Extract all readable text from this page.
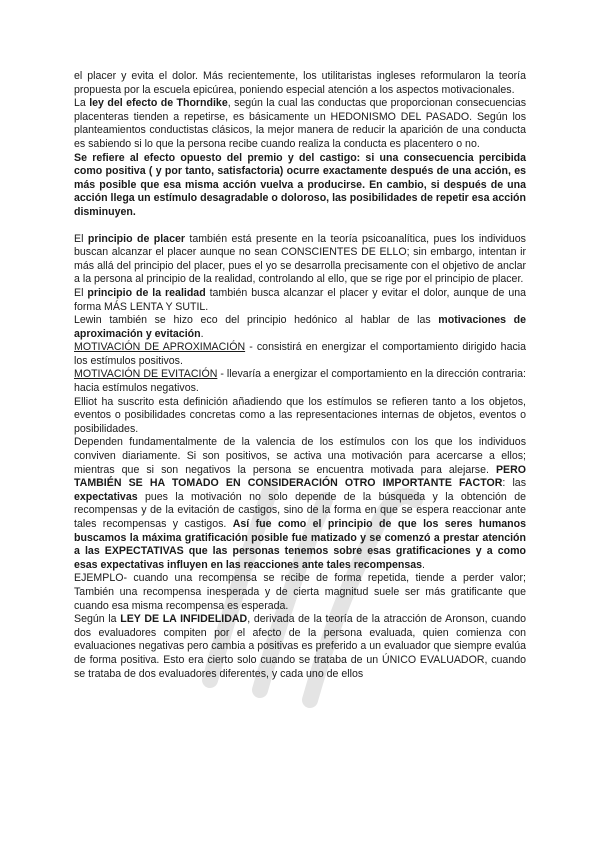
el placer y evita el dolor. Más recientemente, los utilitaristas ingleses reformularon la teoría propuesta por la escuela epicúrea, poniendo especial atención a los aspectos motivacionales.

La ley del efecto de Thorndike, según la cual las conductas que proporcionan consecuencias placenteras tienden a repetirse, es básicamente un HEDONISMO DEL PASADO. Según los planteamientos conductistas clásicos, la mejor manera de reducir la aparición de una conducta es sabiendo si lo que la persona recibe cuando realiza la conducta es placentero o no.

Se refiere al efecto opuesto del premio y del castigo: si una consecuencia percibida como positiva ( y por tanto, satisfactoria) ocurre exactamente después de una acción, es más posible que esa misma acción vuelva a producirse. En cambio, si después de una acción llega un estímulo desagradable o doloroso, las posibilidades de repetir esa acción disminuyen.

El principio de placer también está presente en la teoría psicoanalítica, pues los individuos buscan alcanzar el placer aunque no sean CONSCIENTES DE ELLO; sin embargo, intentan ir más allá del principio del placer, pues el yo se desarrolla precisamente con el objetivo de anclar a la persona al principio de la realidad, controlando al ello, que se rige por el principio de placer.

El principio de la realidad también busca alcanzar el placer y evitar el dolor, aunque de una forma MÁS LENTA Y SUTIL.

Lewin también se hizo eco del principio hedónico al hablar de las motivaciones de aproximación y evitación.

MOTIVACIÓN DE APROXIMACIÓN - consistirá en energizar el comportamiento dirigido hacia los estímulos positivos.

MOTIVACIÓN DE EVITACIÓN - llevaría a energizar el comportamiento en la dirección contraria: hacia estímulos negativos.

Elliot ha suscrito esta definición añadiendo que los estímulos se refieren tanto a los objetos, eventos o posibilidades concretas como a las representaciones internas de objetos, eventos o posibilidades.

Dependen fundamentalmente de la valencia de los estímulos con los que los individuos conviven diariamente. Si son positivos, se activa una motivación para acercarse a ellos; mientras que si son negativos la persona se encuentra motivada para alejarse. PERO TAMBIÉN SE HA TOMADO EN CONSIDERACIÓN OTRO IMPORTANTE FACTOR: las expectativas pues la motivación no solo depende de la búsqueda y la obtención de recompensas y de la evitación de castigos, sino de la forma en que se espera reaccionar ante tales recompensas y castigos. Así fue como el principio de que los seres humanos buscamos la máxima gratificación posible fue matizado y se comenzó a prestar atención a las EXPECTATIVAS que las personas tenemos sobre esas gratificaciones y a como esas expectativas influyen en las reacciones ante tales recompensas.

EJEMPLO- cuando una recompensa se recibe de forma repetida, tiende a perder valor; También una recompensa inesperada y de cierta magnitud suele ser más gratificante que cuando esa misma recompensa es esperada.

Según la LEY DE LA INFIDELIDAD, derivada de la teoría de la atracción de Aronson, cuando dos evaluadores compiten por el afecto de la persona evaluada, quien comienza con evaluaciones negativas pero cambia a positivas es preferido a un evaluador que siempre evalúa de forma positiva. Esto era cierto solo cuando se trataba de un ÚNICO EVALUADOR, cuando se trataba de dos evaluadores diferentes, y cada uno de ellos
